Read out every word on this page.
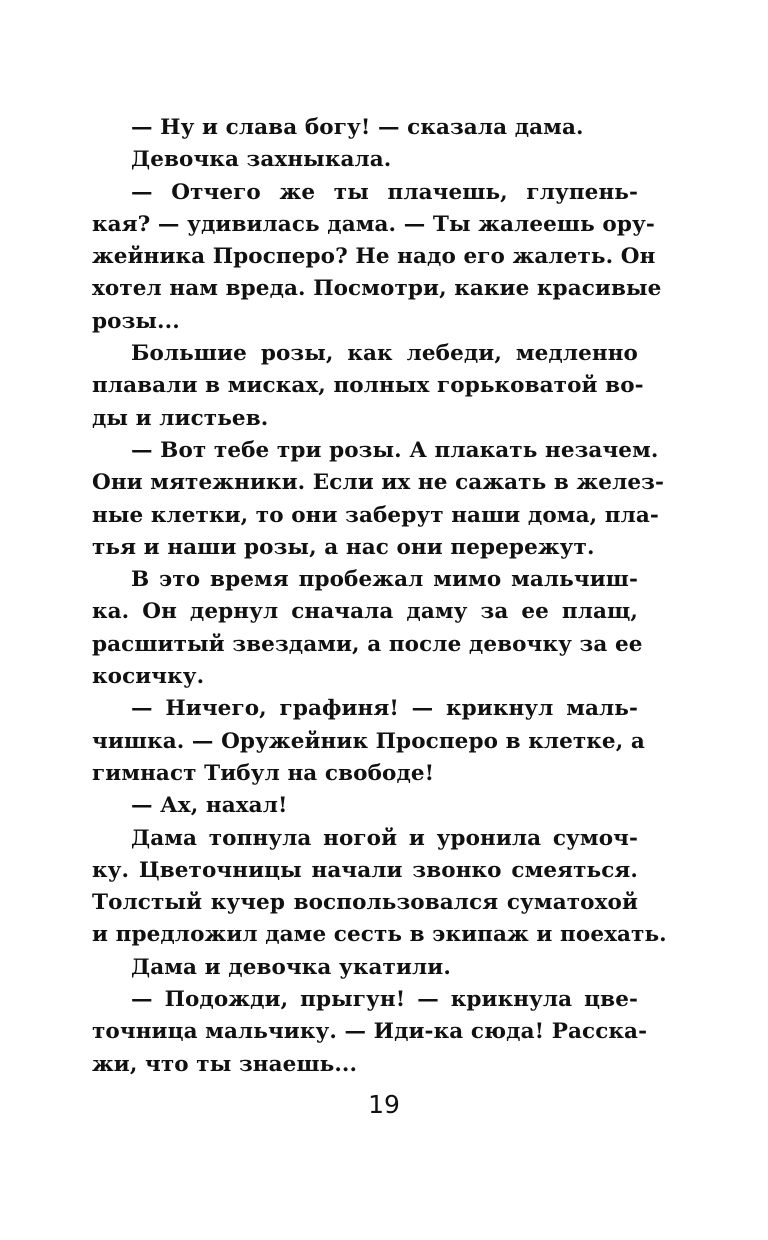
— Ну и слава богу! — сказала дама.
Девочка захныкала.
— Отчего же ты плачешь, глупень-
кая? — удивилась дама. — Ты жалеешь ору-
жейника Просперо? Не надо его жалеть. Он
хотел нам вреда. Посмотри, какие красивые
розы...
Большие розы, как лебеди, медленно
плавали в мисках, полных горьковатой во-
ды и листьев.
— Вот тебе три розы. А плакать незачем.
Они мятежники. Если их не сажать в желез-
ные клетки, то они заберут наши дома, пла-
тья и наши розы, а нас они перережут.
В это время пробежал мимо мальчиш-
ка. Он дернул сначала даму за ее плащ,
расшитый звездами, а после девочку за ее
косичку.
— Ничего, графиня! — крикнул маль-
чишка. — Оружейник Просперо в клетке, а
гимнаст Тибул на свободе!
— Ах, нахал!
Дама топнула ногой и уронила сумоч-
ку. Цветочницы начали звонко смеяться.
Толстый кучер воспользовался суматохой
и предложил даме сесть в экипаж и поехать.
Дама и девочка укатили.
— Подожди, прыгун! — крикнула цве-
точница мальчику. — Иди-ка сюда! Расска-
жи, что ты знаешь...
19
